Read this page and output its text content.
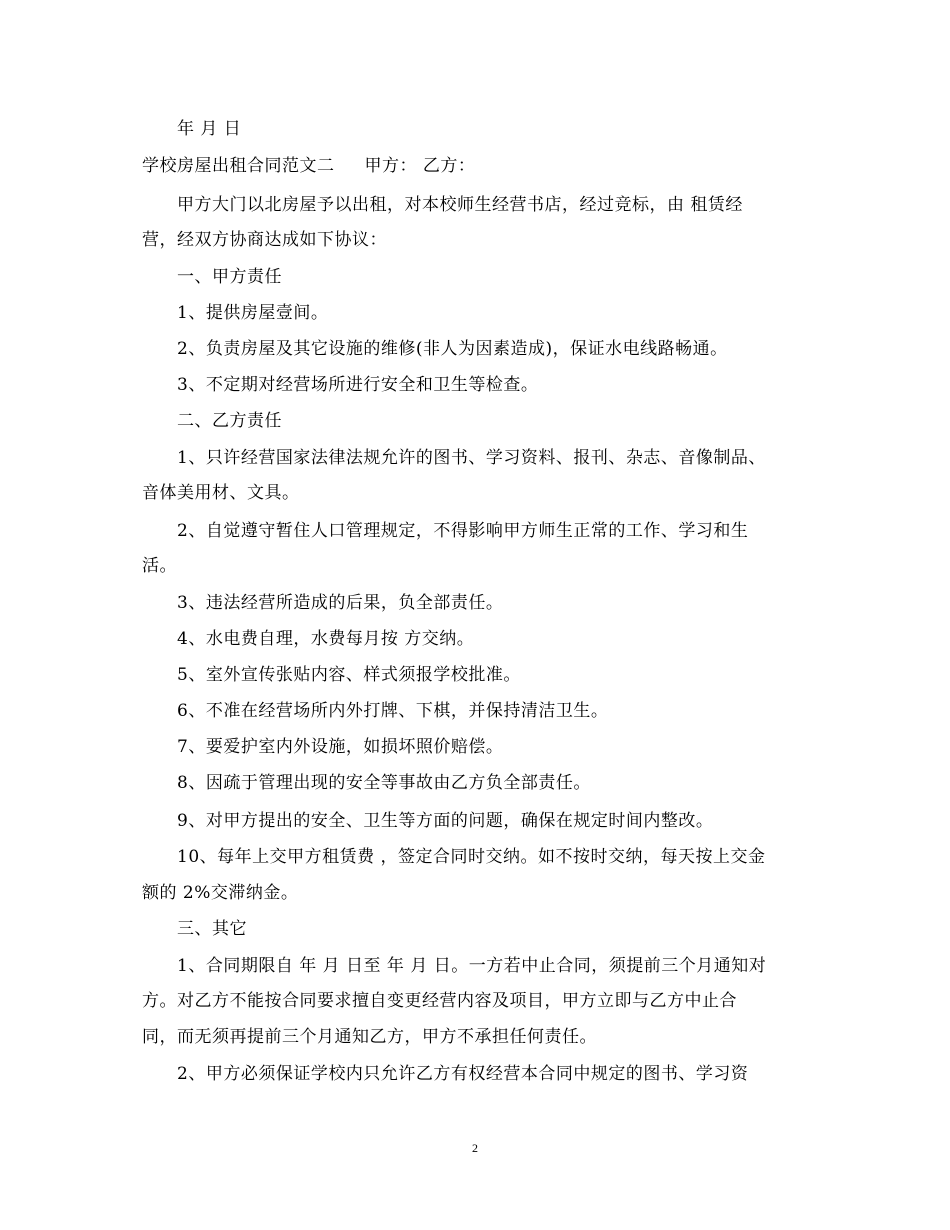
年 月 日
学校房屋出租合同范文二 甲方： 乙方：
甲方大门以北房屋予以出租，对本校师生经营书店，经过竞标，由 租赁经
营，经双方协商达成如下协议：
一、甲方责任
1、提供房屋壹间。
2、负责房屋及其它设施的维修(非人为因素造成)，保证水电线路畅通。
3、不定期对经营场所进行安全和卫生等检查。
二、乙方责任
1、只许经营国家法律法规允许的图书、学习资料、报刊、杂志、音像制品、
音体美用材、文具。
2、自觉遵守暂住人口管理规定，不得影响甲方师生正常的工作、学习和生
活。
3、违法经营所造成的后果，负全部责任。
4、水电费自理，水费每月按 方交纳。
5、室外宣传张贴内容、样式须报学校批准。
6、不准在经营场所内外打牌、下棋，并保持清洁卫生。
7、要爱护室内外设施，如损坏照价赔偿。
8、因疏于管理出现的安全等事故由乙方负全部责任。
9、对甲方提出的安全、卫生等方面的问题，确保在规定时间内整改。
10、每年上交甲方租赁费 ，签定合同时交纳。如不按时交纳，每天按上交金
额的 2%交滞纳金。
三、其它
1、合同期限自 年 月 日至 年 月 日。一方若中止合同，须提前三个月通知对
方。对乙方不能按合同要求擅自变更经营内容及项目，甲方立即与乙方中止合
同，而无须再提前三个月通知乙方，甲方不承担任何责任。
2、甲方必须保证学校内只允许乙方有权经营本合同中规定的图书、学习资
2
